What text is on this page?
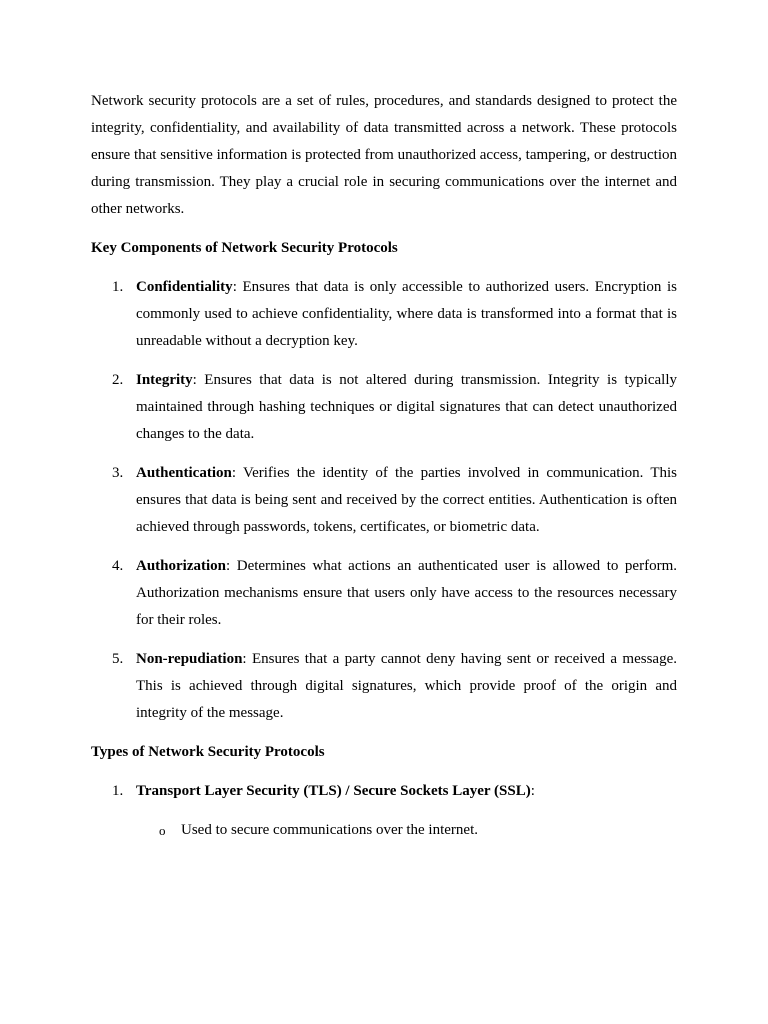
Network security protocols are a set of rules, procedures, and standards designed to protect the integrity, confidentiality, and availability of data transmitted across a network. These protocols ensure that sensitive information is protected from unauthorized access, tampering, or destruction during transmission. They play a crucial role in securing communications over the internet and other networks.

Key Components of Network Security Protocols
1. Confidentiality: Ensures that data is only accessible to authorized users. Encryption is commonly used to achieve confidentiality, where data is transformed into a format that is unreadable without a decryption key.
2. Integrity: Ensures that data is not altered during transmission. Integrity is typically maintained through hashing techniques or digital signatures that can detect unauthorized changes to the data.
3. Authentication: Verifies the identity of the parties involved in communication. This ensures that data is being sent and received by the correct entities. Authentication is often achieved through passwords, tokens, certificates, or biometric data.
4. Authorization: Determines what actions an authenticated user is allowed to perform. Authorization mechanisms ensure that users only have access to the resources necessary for their roles.
5. Non-repudiation: Ensures that a party cannot deny having sent or received a message. This is achieved through digital signatures, which provide proof of the origin and integrity of the message.
Types of Network Security Protocols
1. Transport Layer Security (TLS) / Secure Sockets Layer (SSL):
o Used to secure communications over the internet.
